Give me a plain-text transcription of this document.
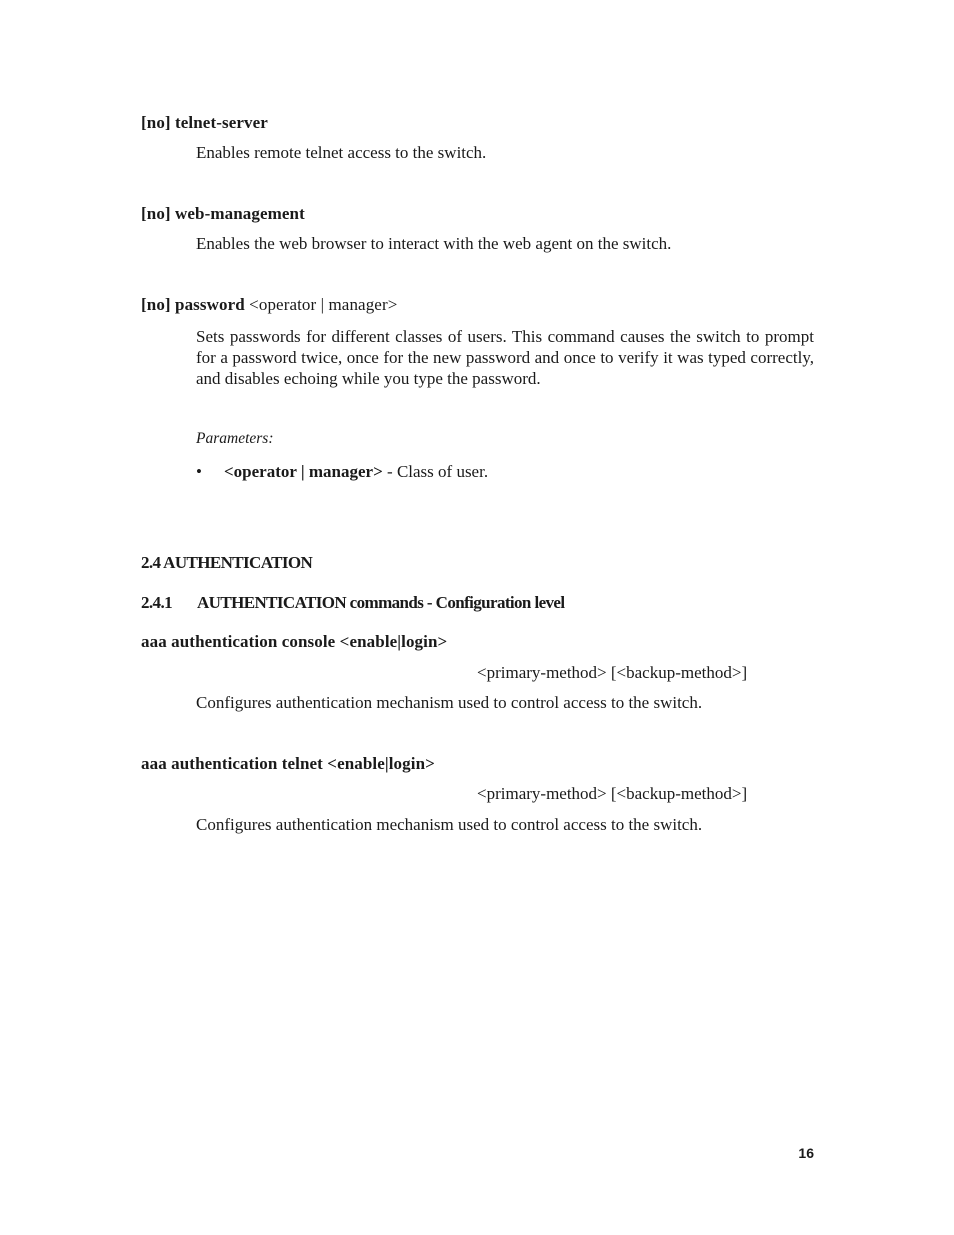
[no] telnet-server
Enables remote telnet access to the switch.
[no] web-management
Enables the web browser to interact with the web agent on the switch.
[no] password <operator | manager>
Sets passwords for different classes of users. This command causes the switch to prompt for a password twice, once for the new password and once to verify it was typed correctly, and disables echoing while you type the password.
Parameters:
• <operator | manager> - Class of user.
2.4 AUTHENTICATION
2.4.1 AUTHENTICATION commands - Configuration level
aaa authentication console <enable|login>
<primary-method> [<backup-method>]
Configures authentication mechanism used to control access to the switch.
aaa authentication telnet <enable|login>
<primary-method> [<backup-method>]
Configures authentication mechanism used to control access to the switch.
16
